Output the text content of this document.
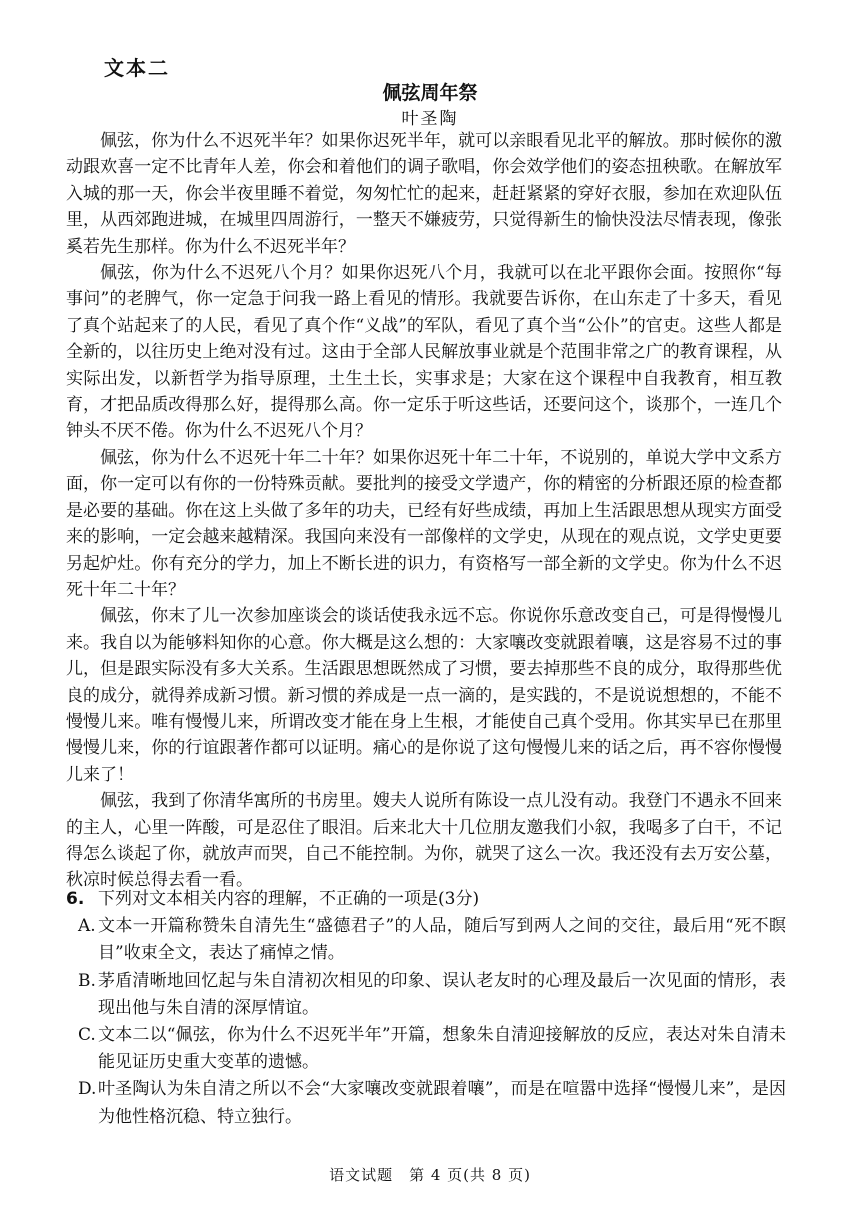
文本二
佩弦周年祭
叶圣陶

佩弦，你为什么不迟死半年？如果你迟死半年，就可以亲眼看见北平的解放。那时候你的激动跟欢喜一定不比青年人差，你会和着他们的调子歌唱，你会效学他们的姿态扭秧歌。在解放军入城的那一天，你会半夜里睡不着觉，匆匆忙忙的起来，赶赶紧紧的穿好衣服，参加在欢迎队伍里，从西郊跑进城，在城里四周游行，一整天不嫌疲劳，只觉得新生的愉快没法尽情表现，像张奚若先生那样。你为什么不迟死半年？

佩弦，你为什么不迟死八个月？如果你迟死八个月，我就可以在北平跟你会面。按照你“每事问”的老脾气，你一定急于问我一路上看见的情形。我就要告诉你，在山东走了十多天，看见了真个站起来了的人民，看见了真个作“义战”的军队，看见了真个当“公仆”的官吏。这些人都是全新的，以往历史上绝对没有过。这由于全部人民解放事业就是个范围非常之广的教育课程，从实际出发，以新哲学为指导原理，土生土长，实事求是；大家在这个课程中自我教育，相互教育，才把品质改得那么好，提得那么高。你一定乐于听这些话，还要问这个，谈那个，一连几个钟头不厌不倦。你为什么不迟死八个月？

佩弦，你为什么不迟死十年二十年？如果你迟死十年二十年，不说别的，单说大学中文系方面，你一定可以有你的一份特殊贡献。要批判的接受文学遗产，你的精密的分析跟还原的检查都是必要的基础。你在这上头做了多年的功夫，已经有好些成绩，再加上生活跟思想从现实方面受来的影响，一定会越来越精深。我国向来没有一部像样的文学史，从现在的观点说，文学史更要另起炉灶。你有充分的学力，加上不断长进的识力，有资格写一部全新的文学史。你为什么不迟死十年二十年？

佩弦，你末了儿一次参加座谈会的谈话使我永远不忘。你说你乐意改变自己，可是得慢慢儿来。我自以为能够料知你的心意。你大概是这么想的：大家嚷改变就跟着嚷，这是容易不过的事儿，但是跟实际没有多大关系。生活跟思想既然成了习惯，要去掉那些不良的成分，取得那些优良的成分，就得养成新习惯。新习惯的养成是一点一滴的，是实践的，不是说说想想的，不能不慢慢儿来。唯有慢慢儿来，所谓改变才能在身上生根，才能使自己真个受用。你其实早已在那里慢慢儿来，你的行谊跟著作都可以证明。痛心的是你说了这句慢慢儿来的话之后，再不容你慢慢儿来了！

佩弦，我到了你清华寓所的书房里。嫂夫人说所有陈设一点儿没有动。我登门不遇永不回来的主人，心里一阵酸，可是忍住了眼泪。后来北大十几位朋友邀我们小叙，我喝多了白干，不记得怎么谈起了你，就放声而哭，自己不能控制。为你，就哭了这么一次。我还没有去万安公墓，秋凉时候总得去看一看。

6. 下列对文本相关内容的理解，不正确的一项是(3分)
A. 文本一开篇称赞朱自清先生“盛德君子”的人品，随后写到两人之间的交往，最后用“死不瞑目”收束全文，表达了痛悼之情。
B. 茅盾清晰地回忆起与朱自清初次相见的印象、误认老友时的心理及最后一次见面的情形，表现出他与朱自清的深厚情谊。
C. 文本二以“佩弦，你为什么不迟死半年”开篇，想象朱自清迎接解放的反应，表达对朱自清未能见证历史重大变革的遗憾。
D. 叶圣陶认为朱自清之所以不会“大家嚷改变就跟着嚷”，而是在喧嚣中选择“慢慢儿来”，是因为他性格沉稳、特立独行。
语文试题　第 4 页(共 8 页)
